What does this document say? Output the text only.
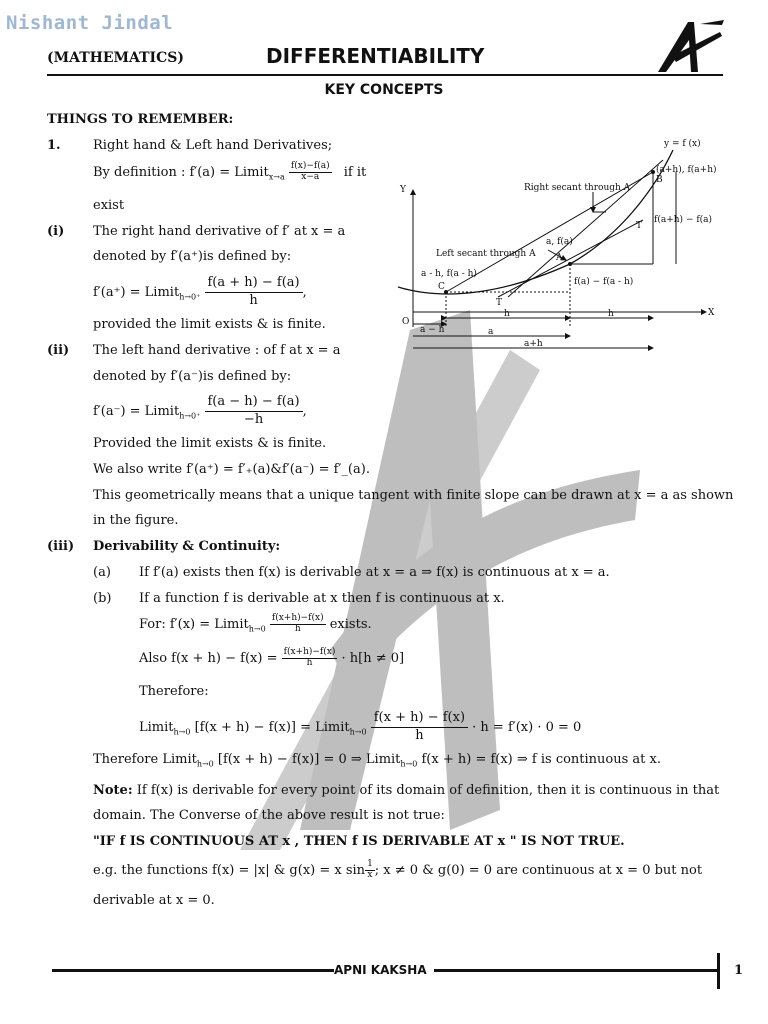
Nishant Jindal
(MATHEMATICS)	DIFFERENTIABILITY
KEY CONCEPTS
Y
X
O
y = f (x)
(a+h), f(a+h)
B
Right secant through A
Left secant through A
a, f(a)
A
a - h, f(a - h)
C
T
T
f(a+h) − f(a)
f(a) − f(a - h)
a − h
h	h
a
a+h
THINGS TO REMEMBER:
1. Right hand & Left hand Derivatives;
By definition : f′(a) = Limit$_{x\to a}$ $\frac{f(x)-f(a)}{x-a}$ if it
exist
(i) The right hand derivative of f′ at x = a
denoted by f′(a⁺)is defined by:
f′(a⁺) = Limit$_{h\to 0^+}$ $\frac{f(a + h) - f(a)}{h}$ ,
provided the limit exists & is finite.
(ii) The left hand derivative : of f at x = a
denoted by f′(a⁻)is defined by:
f′(a⁻) = Limit$_{h\to 0^+}$ $\frac{f(a - h) - f(a)}{-h}$ ,
Provided the limit exists & is finite.
We also write f′(a⁺) = f′₊(a)&f′(a⁻) = f′_(a).
This geometrically means that a unique tangent with finite slope can be drawn at x = a as shown
in the figure.
(iii) Derivability & Continuity:
(a) If f′(a) exists then f(x) is derivable at x = a ⇒ f(x) is continuous at x = a.
(b) If a function f is derivable at x then f is continuous at x.
For: f′(x) = Limit$_{h\to 0}$ $\frac{f(x+h)-f(x)}{h}$ exists.
Also $f(x + h) - f(x) = \frac{f(x+h)-f(x)}{h} \cdot h[h \ne 0]$
Therefore:
Limit$_{h\to 0}$ [f(x + h) − f(x)] = Limit$_{h\to 0}$ $\frac{f(x + h) - f(x)}{h} \cdot h = f'(x) \cdot 0 = 0$
Therefore Limit$_{h\to 0}$ [f(x + h) − f(x)] = 0 ⇒ Limit$_{h\to 0}$ f(x + h) = f(x) ⇒ f is continuous at x.
Note: If f(x) is derivable for every point of its domain of definition, then it is continuous in that
domain. The Converse of the above result is not true:
"IF f IS CONTINUOUS AT x , THEN f IS DERIVABLE AT x " IS NOT TRUE.
e.g. the functions f(x) = |x| & g(x) = x $\sin \frac{1}{x}$ ; x ≠ 0 & g(0) = 0 are continuous at x = 0 but not
derivable at x = 0.
APNI KAKSHA	1
